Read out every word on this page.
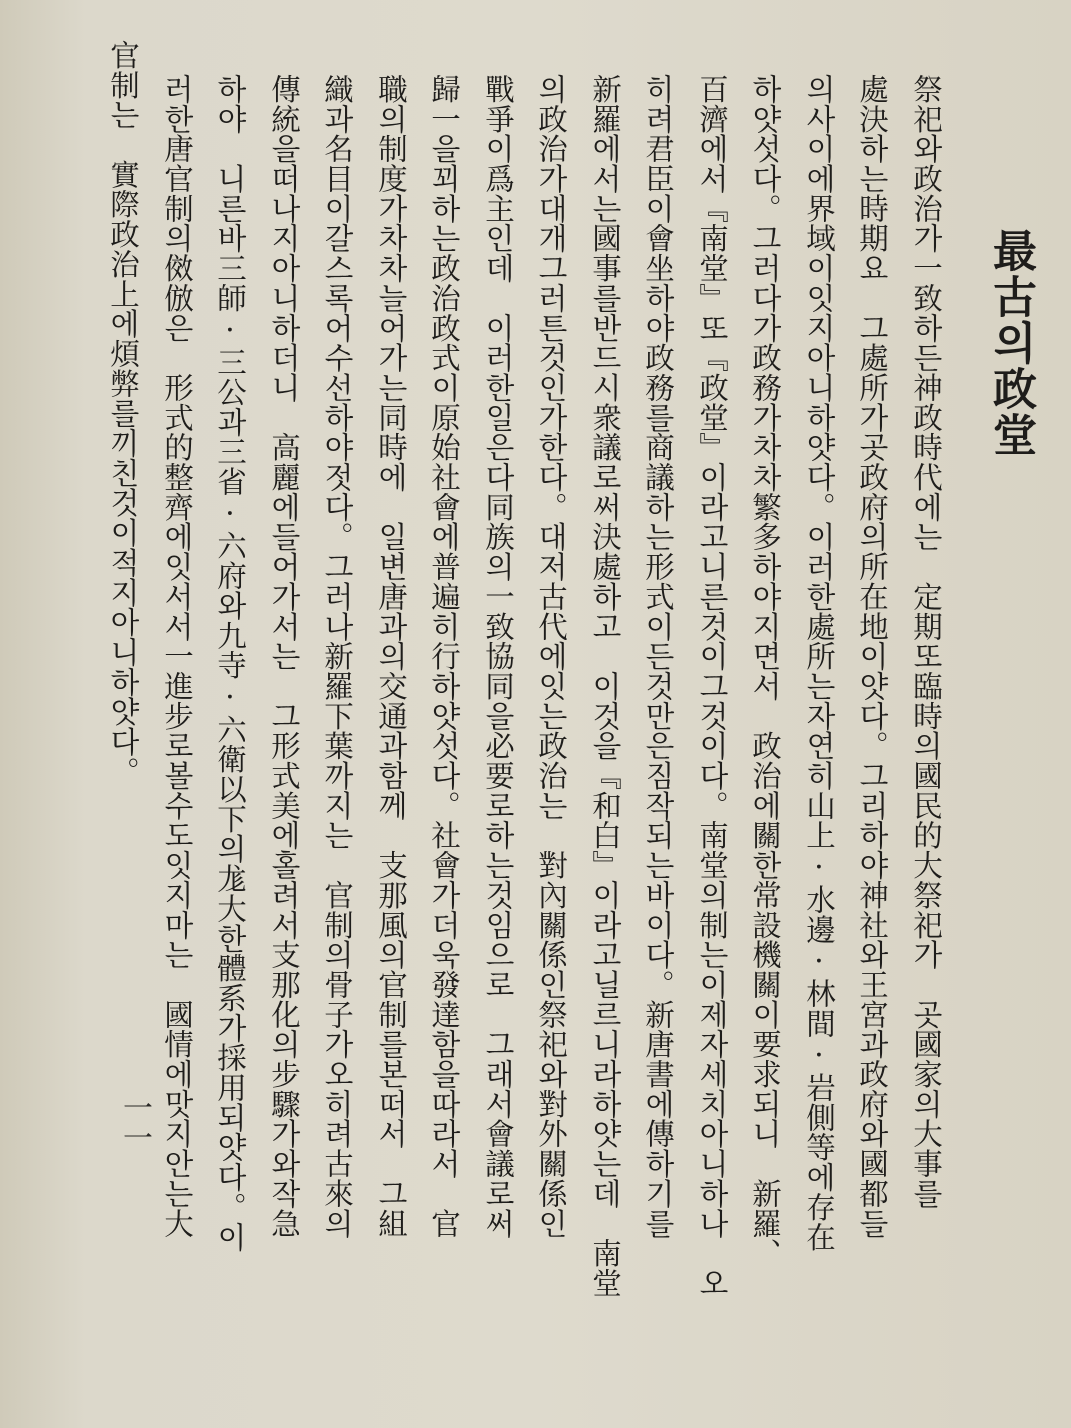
最古의政堂
祭祀와政治가一致하든神政時代에는　定期또臨時의國民的大祭祀가　곳國家의大事를
處決하는時期요　그處所가곳政府의所在地이얏다。그리하야神社와王宮과政府와國都들
의사이에界域이잇지아니하얏다。이러한處所는자연히山上·水邊·林間·岩側等에存在
하얏섯다。그러다가政務가차차繁多하야지면서　政治에關한常設機關이要求되니　新羅、
百濟에서『南堂』또『政堂』이라고니른것이그것이다。南堂의制는이제자세치아니하나　오
히려君臣이會坐하야政務를商議하는形式이든것만은짐작되는바이다。新唐書에傳하기를
新羅에서는國事를반드시衆議로써決處하고　이것을『和白』이라고닐르니라하얏는데　南堂
의政治가대개그러튼것인가한다。대저古代에잇는政治는　對內關係인祭祀와對外關係인
戰爭이爲主인데　이러한일은다同族의一致協同을必要로하는것임으로　그래서會議로써
歸一을꾀하는政治政式이原始社會에普遍히行하얏섯다。社會가더욱發達함을따라서　官
職의制度가차차늘어가는同時에　일변唐과의交通과함께　支那風의官制를본떠서　그組
織과名目이갈스록어수선하야젓다。그러나新羅下葉까지는　官制의骨子가오히려古來의
傳統을떠나지아니하더니　高麗에들어가서는　그形式美에홀려서支那化의步驟가와작急
하야　니른바三師·三公과三省·六府와九寺·六衛以下의尨大한體系가採用되얏다。이
러한唐官制의傚倣은　形式的整齊에잇서서一進步로볼수도잇지마는　國情에맛지안는大
官制는　實際政治上에煩弊를끼친것이적지아니하얏다。
一一
